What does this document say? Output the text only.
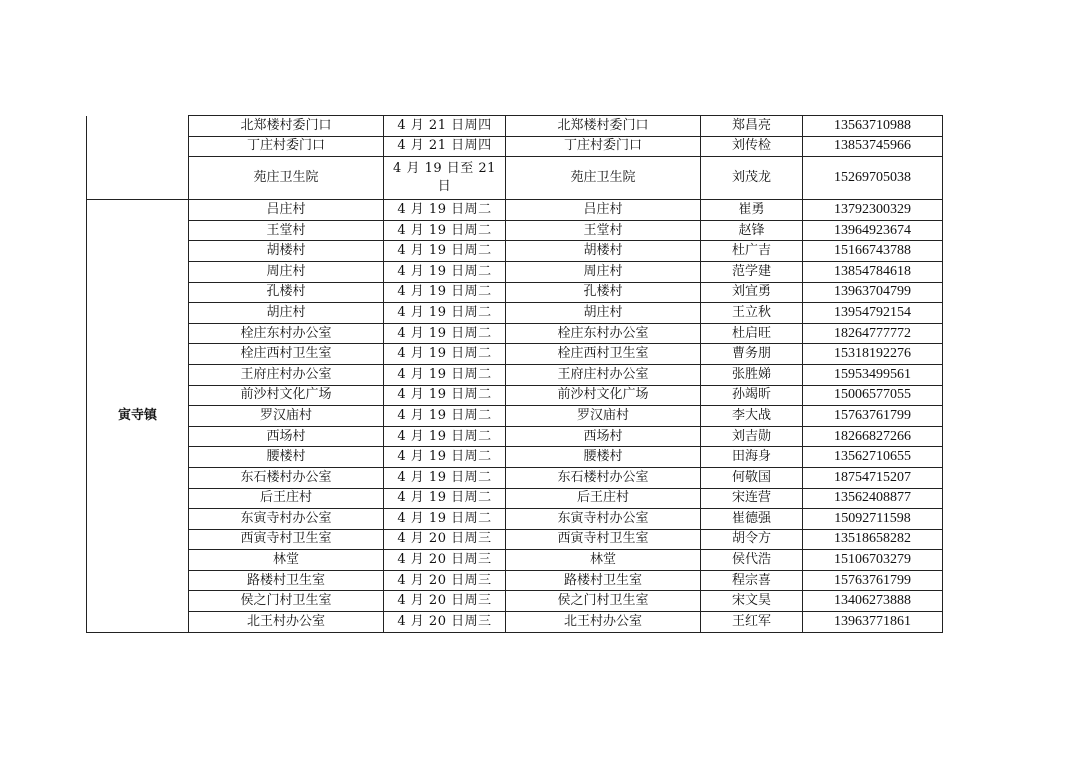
	北郑楼村委门口	4 月 21 日周四	北郑楼村委门口	郑昌亮	13563710988
	丁庄村委门口	4 月 21 日周四	丁庄村委门口	刘传检	13853745966
	苑庄卫生院	4 月 19 日至 21 日	苑庄卫生院	刘茂龙	15269705038
寅寺镇	吕庄村	4 月 19 日周二	吕庄村	崔勇	13792300329
	王堂村	4 月 19 日周二	王堂村	赵锋	13964923674
	胡楼村	4 月 19 日周二	胡楼村	杜广吉	15166743788
	周庄村	4 月 19 日周二	周庄村	范学建	13854784618
	孔楼村	4 月 19 日周二	孔楼村	刘宜勇	13963704799
	胡庄村	4 月 19 日周二	胡庄村	王立秋	13954792154
	栓庄东村办公室	4 月 19 日周二	栓庄东村办公室	杜启旺	18264777772
	栓庄西村卫生室	4 月 19 日周二	栓庄西村卫生室	曹务朋	15318192276
	王府庄村办公室	4 月 19 日周二	王府庄村办公室	张胜娣	15953499561
	前沙村文化广场	4 月 19 日周二	前沙村文化广场	孙竭昕	15006577055
	罗汉庙村	4 月 19 日周二	罗汉庙村	李大战	15763761799
	西场村	4 月 19 日周二	西场村	刘吉勋	18266827266
	腰楼村	4 月 19 日周二	腰楼村	田海身	13562710655
	东石楼村办公室	4 月 19 日周二	东石楼村办公室	何敬国	18754715207
	后王庄村	4 月 19 日周二	后王庄村	宋连营	13562408877
	东寅寺村办公室	4 月 19 日周二	东寅寺村办公室	崔德强	15092711598
	西寅寺村卫生室	4 月 20 日周三	西寅寺村卫生室	胡令方	13518658282
	林堂	4 月 20 日周三	林堂	侯代浩	15106703279
	路楼村卫生室	4 月 20 日周三	路楼村卫生室	程宗喜	15763761799
	侯之门村卫生室	4 月 20 日周三	侯之门村卫生室	宋文昊	13406273888
	北王村办公室	4 月 20 日周三	北王村办公室	王红军	13963771861
